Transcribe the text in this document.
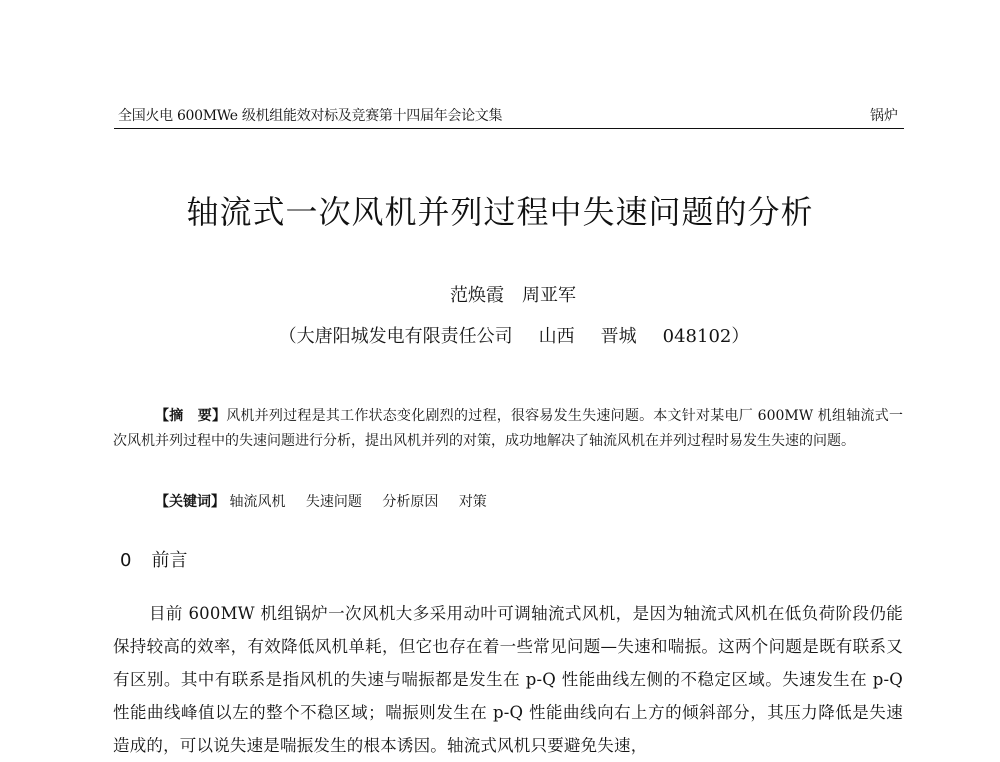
全国火电 600MWe 级机组能效对标及竞赛第十四届年会论文集	锅炉
轴流式一次风机并列过程中失速问题的分析
范焕霞 周亚军
（大唐阳城发电有限责任公司 山西 晋城 048102）
【摘　要】风机并列过程是其工作状态变化剧烈的过程，很容易发生失速问题。本文针对某电厂 600MW 机组轴流式一次风机并列过程中的失速问题进行分析，提出风机并列的对策，成功地解决了轴流风机在并列过程时易发生失速的问题。
【关键词】 轴流风机 失速问题 分析原因 对策
0 前言
目前 600MW 机组锅炉一次风机大多采用动叶可调轴流式风机，是因为轴流式风机在低负荷阶段仍能保持较高的效率，有效降低风机单耗，但它也存在着一些常见问题—失速和喘振。这两个问题是既有联系又有区别。其中有联系是指风机的失速与喘振都是发生在 p-Q 性能曲线左侧的不稳定区域。失速发生在 p-Q 性能曲线峰值以左的整个不稳区域；喘振则发生在 p-Q 性能曲线向右上方的倾斜部分，其压力降低是失速造成的，可以说失速是喘振发生的根本诱因。轴流式风机只要避免失速，
